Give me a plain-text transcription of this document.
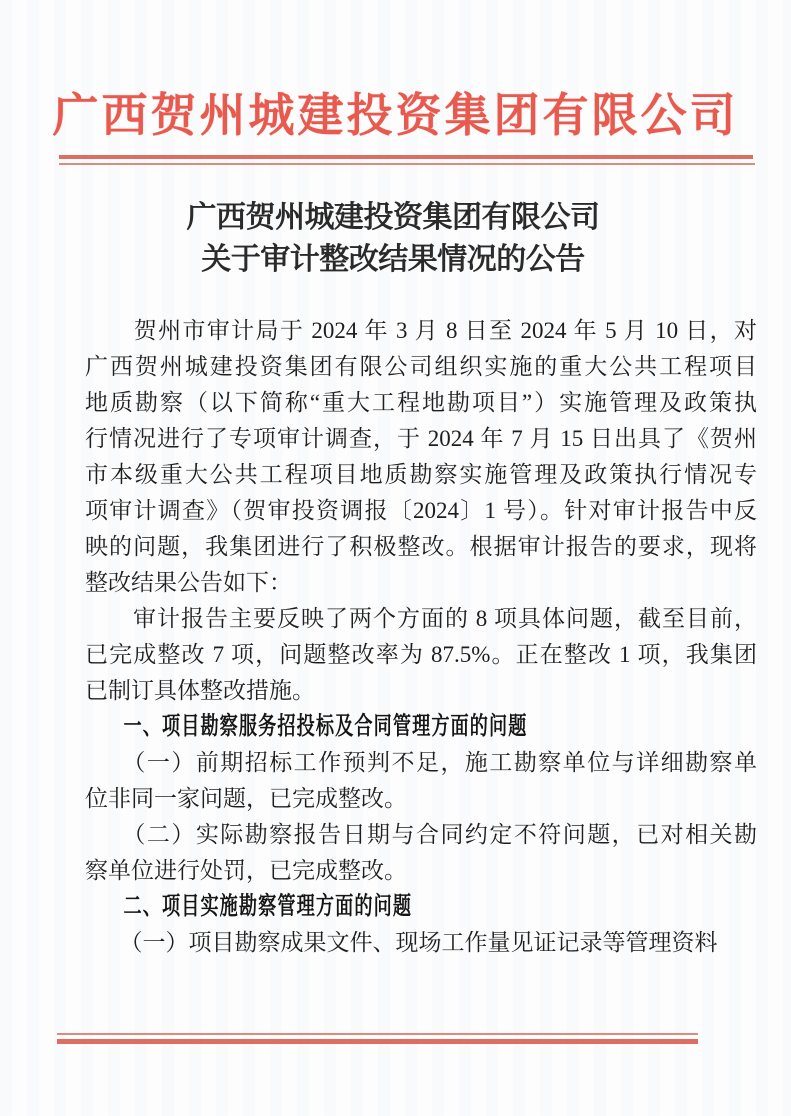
广西贺州城建投资集团有限公司
广西贺州城建投资集团有限公司
关于审计整改结果情况的公告
　　贺州市审计局于 2024 年 3 月 8 日至 2024 年 5 月 10 日，对
广西贺州城建投资集团有限公司组织实施的重大公共工程项目
地质勘察（以下简称“重大工程地勘项目”）实施管理及政策执
行情况进行了专项审计调查，于 2024 年 7 月 15 日出具了《贺州
市本级重大公共工程项目地质勘察实施管理及政策执行情况专
项审计调查》（贺审投资调报〔2024〕1 号）。针对审计报告中反
映的问题，我集团进行了积极整改。根据审计报告的要求，现将
整改结果公告如下：
　　审计报告主要反映了两个方面的 8 项具体问题，截至目前，
已完成整改 7 项，问题整改率为 87.5%。正在整改 1 项，我集团
已制订具体整改措施。
　　一、项目勘察服务招投标及合同管理方面的问题
　　（一）前期招标工作预判不足，施工勘察单位与详细勘察单
位非同一家问题，已完成整改。
　　（二）实际勘察报告日期与合同约定不符问题，已对相关勘
察单位进行处罚，已完成整改。
　　二、项目实施勘察管理方面的问题
　　（一）项目勘察成果文件、现场工作量见证记录等管理资料
